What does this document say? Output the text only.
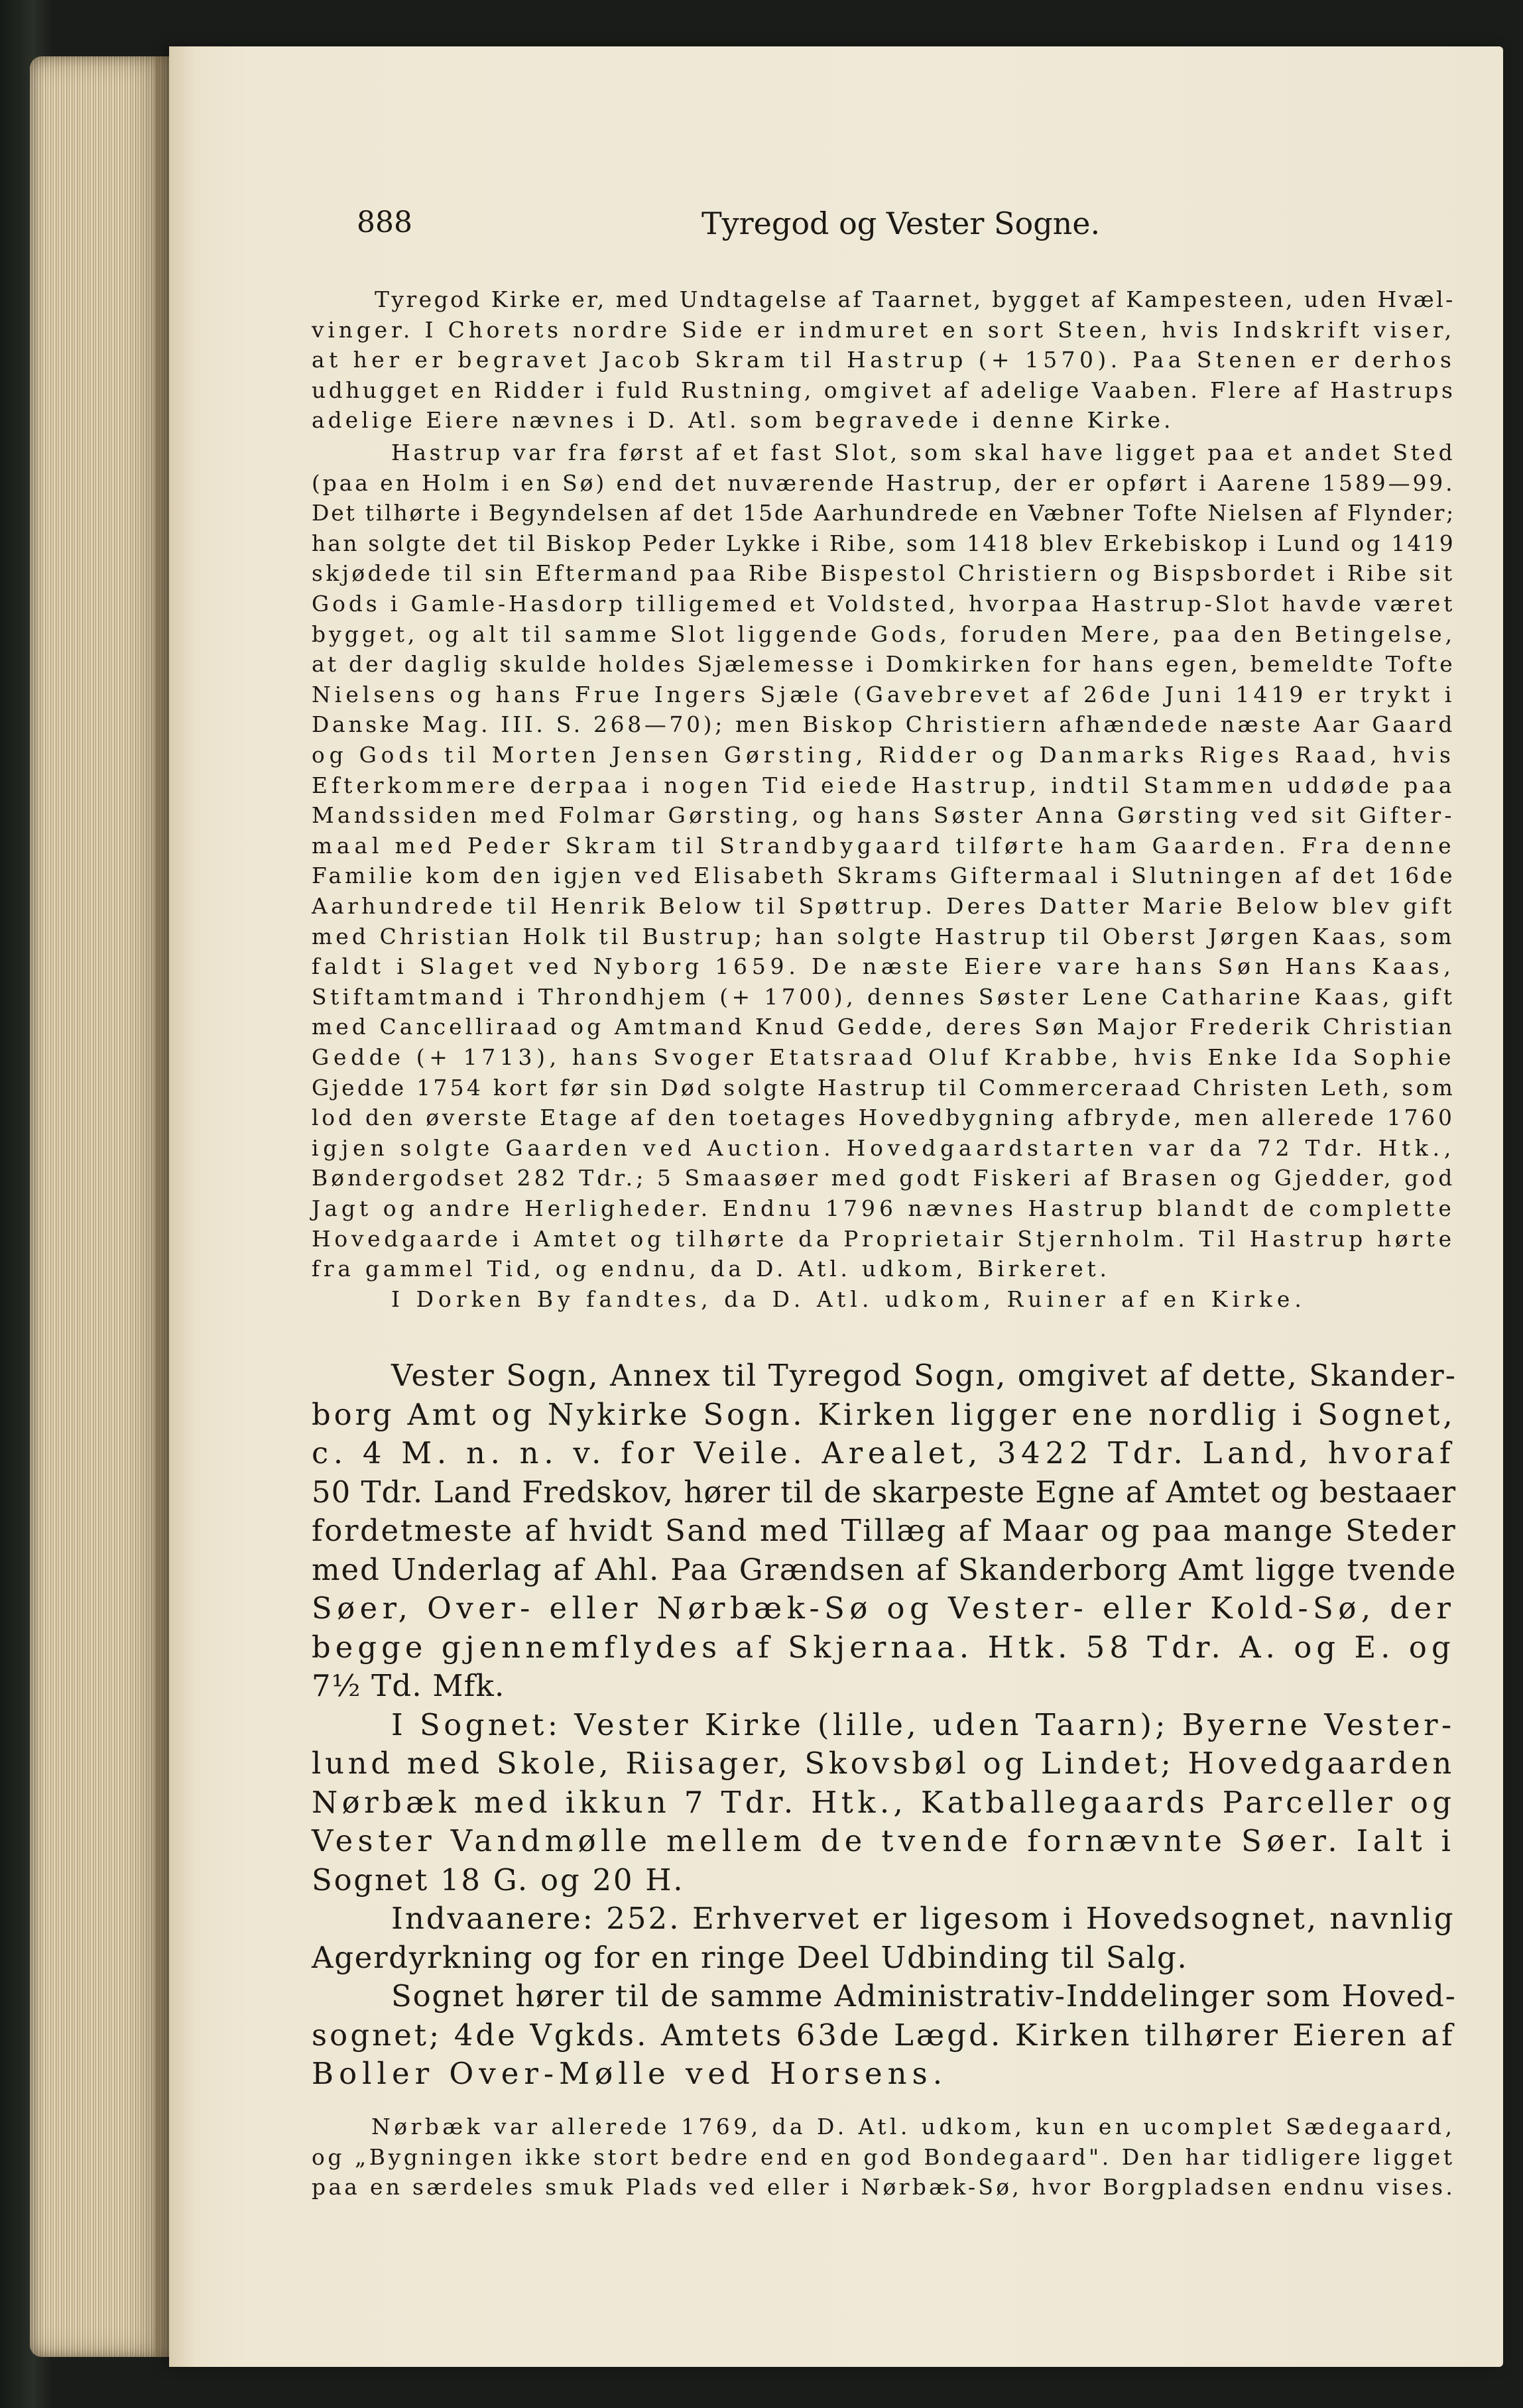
888	Tyregod og Vester Sogne.
Tyregod Kirke er, med Undtagelse af Taarnet, bygget af Kampesteen, uden Hvæl-
vinger. I Chorets nordre Side er indmuret en sort Steen, hvis Indskrift viser,
at her er begravet Jacob Skram til Hastrup (+ 1570). Paa Stenen er derhos
udhugget en Ridder i fuld Rustning, omgivet af adelige Vaaben. Flere af Hastrups
adelige Eiere nævnes i D. Atl. som begravede i denne Kirke.
Hastrup var fra først af et fast Slot, som skal have ligget paa et andet Sted
(paa en Holm i en Sø) end det nuværende Hastrup, der er opført i Aarene 1589—99.
Det tilhørte i Begyndelsen af det 15de Aarhundrede en Væbner Tofte Nielsen af Flynder;
han solgte det til Biskop Peder Lykke i Ribe, som 1418 blev Erkebiskop i Lund og 1419
skjødede til sin Eftermand paa Ribe Bispestol Christiern og Bispsbordet i Ribe sit
Gods i Gamle-Hasdorp tilligemed et Voldsted, hvorpaa Hastrup-Slot havde været
bygget, og alt til samme Slot liggende Gods, foruden Mere, paa den Betingelse,
at der daglig skulde holdes Sjælemesse i Domkirken for hans egen, bemeldte Tofte
Nielsens og hans Frue Ingers Sjæle (Gavebrevet af 26de Juni 1419 er trykt i
Danske Mag. III. S. 268—70); men Biskop Christiern afhændede næste Aar Gaard
og Gods til Morten Jensen Gørsting, Ridder og Danmarks Riges Raad, hvis
Efterkommere derpaa i nogen Tid eiede Hastrup, indtil Stammen uddøde paa
Mandssiden med Folmar Gørsting, og hans Søster Anna Gørsting ved sit Gifter-
maal med Peder Skram til Strandbygaard tilførte ham Gaarden. Fra denne
Familie kom den igjen ved Elisabeth Skrams Giftermaal i Slutningen af det 16de
Aarhundrede til Henrik Below til Spøttrup. Deres Datter Marie Below blev gift
med Christian Holk til Bustrup; han solgte Hastrup til Oberst Jørgen Kaas, som
faldt i Slaget ved Nyborg 1659. De næste Eiere vare hans Søn Hans Kaas,
Stiftamtmand i Throndhjem (+ 1700), dennes Søster Lene Catharine Kaas, gift
med Cancelliraad og Amtmand Knud Gedde, deres Søn Major Frederik Christian
Gedde (+ 1713), hans Svoger Etatsraad Oluf Krabbe, hvis Enke Ida Sophie
Gjedde 1754 kort før sin Død solgte Hastrup til Commerceraad Christen Leth, som
lod den øverste Etage af den toetages Hovedbygning afbryde, men allerede 1760
igjen solgte Gaarden ved Auction. Hovedgaardstarten var da 72 Tdr. Htk.,
Bøndergodset 282 Tdr.; 5 Smaasøer med godt Fiskeri af Brasen og Gjedder, god
Jagt og andre Herligheder. Endnu 1796 nævnes Hastrup blandt de complette
Hovedgaarde i Amtet og tilhørte da Proprietair Stjernholm. Til Hastrup hørte
fra gammel Tid, og endnu, da D. Atl. udkom, Birkeret.
I Dorken By fandtes, da D. Atl. udkom, Ruiner af en Kirke.
Vester Sogn, Annex til Tyregod Sogn, omgivet af dette, Skander-
borg Amt og Nykirke Sogn. Kirken ligger ene nordlig i Sognet,
c. 4 M. n. n. v. for Veile. Arealet, 3422 Tdr. Land, hvoraf
50 Tdr. Land Fredskov, hører til de skarpeste Egne af Amtet og bestaaer
fordetmeste af hvidt Sand med Tillæg af Maar og paa mange Steder
med Underlag af Ahl. Paa Grændsen af Skanderborg Amt ligge tvende
Søer, Over- eller Nørbæk-Sø og Vester- eller Kold-Sø, der
begge gjennemflydes af Skjernaa. Htk. 58 Tdr. A. og E. og
7½ Td. Mfk.
I Sognet: Vester Kirke (lille, uden Taarn); Byerne Vester-
lund med Skole, Riisager, Skovsbøl og Lindet; Hovedgaarden
Nørbæk med ikkun 7 Tdr. Htk., Katballegaards Parceller og
Vester Vandmølle mellem de tvende fornævnte Søer. Ialt i
Sognet 18 G. og 20 H.
Indvaanere: 252. Erhvervet er ligesom i Hovedsognet, navnlig
Agerdyrkning og for en ringe Deel Udbinding til Salg.
Sognet hører til de samme Administrativ-Inddelinger som Hoved-
sognet; 4de Vgkds. Amtets 63de Lægd. Kirken tilhører Eieren af
Boller Over-Mølle ved Horsens.
Nørbæk var allerede 1769, da D. Atl. udkom, kun en ucomplet Sædegaard,
og „Bygningen ikke stort bedre end en god Bondegaard". Den har tidligere ligget
paa en særdeles smuk Plads ved eller i Nørbæk-Sø, hvor Borgpladsen endnu vises.
